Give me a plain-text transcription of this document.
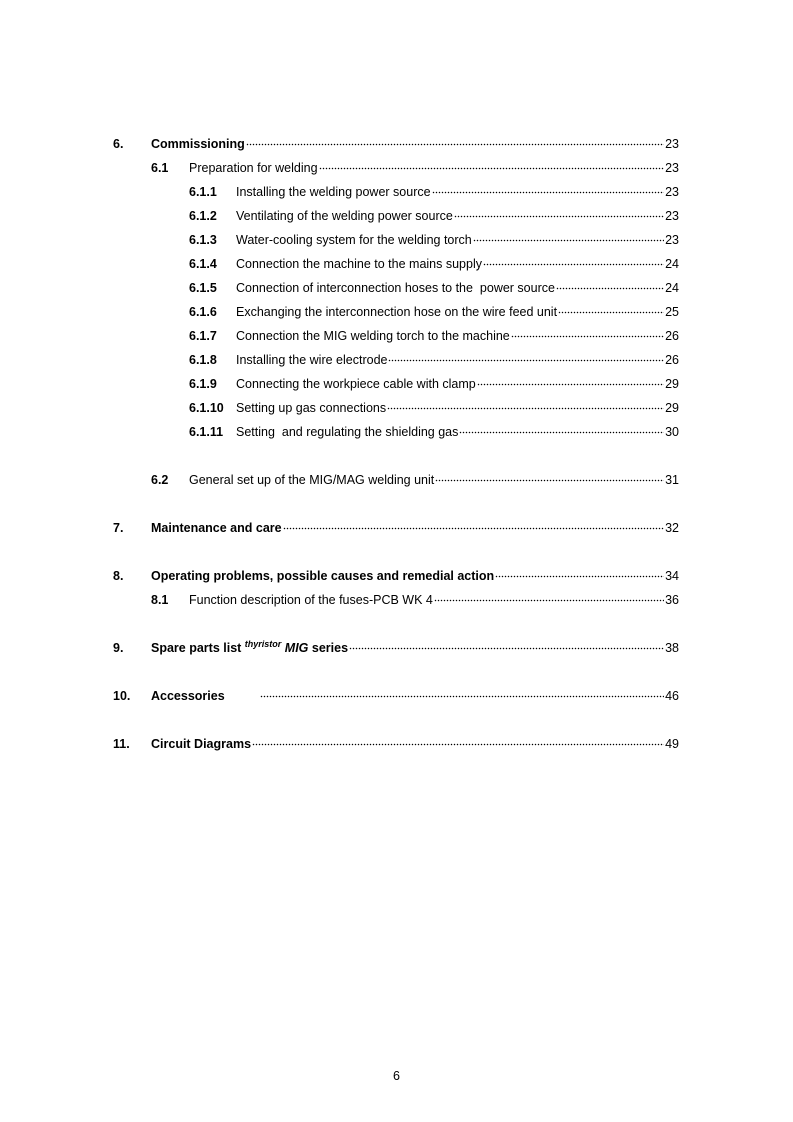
6.	Commissioning	23
6.1	Preparation for welding	23
6.1.1	Installing the welding power source	23
6.1.2	Ventilating of the welding power source	23
6.1.3	Water-cooling system for the welding torch	23
6.1.4	Connection the machine to the mains supply	24
6.1.5	Connection of interconnection hoses to the  power source	24
6.1.6	Exchanging the interconnection hose on the wire feed unit	25
6.1.7	Connection the MIG welding torch to the machine	26
6.1.8	Installing the wire electrode	26
6.1.9	Connecting the workpiece cable with clamp	29
6.1.10 Setting up gas connections	29
6.1.11	Setting  and regulating the shielding gas	30
6.2	General set up of the MIG/MAG welding unit	31
7.	Maintenance and care	32
8.	Operating problems, possible causes and remedial action	34
8.1	Function description of the fuses-PCB WK 4	36
9.	Spare parts list $^{thyristor}$ MIG series	38
10.	Accessories	46
11.	Circuit Diagrams	49
6
